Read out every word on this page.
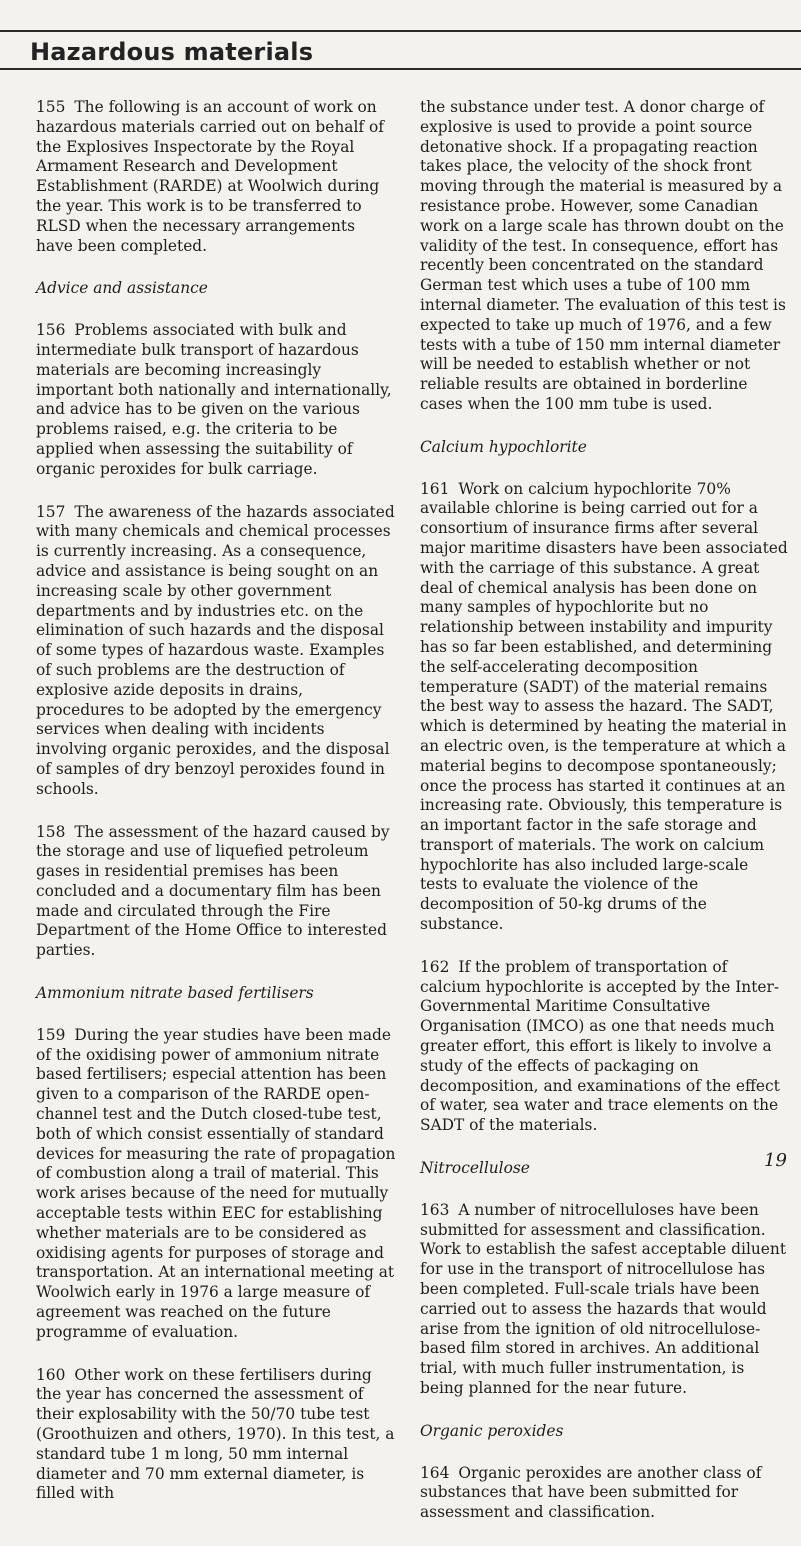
Hazardous materials

155 The following is an account of work on hazardous materials carried out on behalf of the Explosives Inspectorate by the Royal Armament Research and Development Establishment (RARDE) at Woolwich during the year. This work is to be transferred to RLSD when the necessary arrangements have been completed.

Advice and assistance

156 Problems associated with bulk and intermediate bulk transport of hazardous materials are becoming increasingly important both nationally and internationally, and advice has to be given on the various problems raised, e.g. the criteria to be applied when assessing the suitability of organic peroxides for bulk carriage.

157 The awareness of the hazards associated with many chemicals and chemical processes is currently increasing. As a consequence, advice and assistance is being sought on an increasing scale by other government departments and by industries etc. on the elimination of such hazards and the disposal of some types of hazardous waste. Examples of such problems are the destruction of explosive azide deposits in drains, procedures to be adopted by the emergency services when dealing with incidents involving organic peroxides, and the disposal of samples of dry benzoyl peroxides found in schools.

158 The assessment of the hazard caused by the storage and use of liquefied petroleum gases in residential premises has been concluded and a documentary film has been made and circulated through the Fire Department of the Home Office to interested parties.

Ammonium nitrate based fertilisers

159 During the year studies have been made of the oxidising power of ammonium nitrate based fertilisers; especial attention has been given to a comparison of the RARDE open-channel test and the Dutch closed-tube test, both of which consist essentially of standard devices for measuring the rate of propagation of combustion along a trail of material. This work arises because of the need for mutually acceptable tests within EEC for establishing whether materials are to be considered as oxidising agents for purposes of storage and transportation. At an international meeting at Woolwich early in 1976 a large measure of agreement was reached on the future programme of evaluation.

160 Other work on these fertilisers during the year has concerned the assessment of their explosability with the 50/70 tube test (Groothuizen and others, 1970). In this test, a standard tube 1 m long, 50 mm internal diameter and 70 mm external diameter, is filled with

the substance under test. A donor charge of explosive is used to provide a point source detonative shock. If a propagating reaction takes place, the velocity of the shock front moving through the material is measured by a resistance probe. However, some Canadian work on a large scale has thrown doubt on the validity of the test. In consequence, effort has recently been concentrated on the standard German test which uses a tube of 100 mm internal diameter. The evaluation of this test is expected to take up much of 1976, and a few tests with a tube of 150 mm internal diameter will be needed to establish whether or not reliable results are obtained in borderline cases when the 100 mm tube is used.

Calcium hypochlorite

161 Work on calcium hypochlorite 70% available chlorine is being carried out for a consortium of insurance firms after several major maritime disasters have been associated with the carriage of this substance. A great deal of chemical analysis has been done on many samples of hypochlorite but no relationship between instability and impurity has so far been established, and determining the self-accelerating decomposition temperature (SADT) of the material remains the best way to assess the hazard. The SADT, which is determined by heating the material in an electric oven, is the temperature at which a material begins to decompose spontaneously; once the process has started it continues at an increasing rate. Obviously, this temperature is an important factor in the safe storage and transport of materials. The work on calcium hypochlorite has also included large-scale tests to evaluate the violence of the decomposition of 50-kg drums of the substance.

162 If the problem of transportation of calcium hypochlorite is accepted by the Inter-Governmental Maritime Consultative Organisation (IMCO) as one that needs much greater effort, this effort is likely to involve a study of the effects of packaging on decomposition, and examinations of the effect of water, sea water and trace elements on the SADT of the materials.

Nitrocellulose

163 A number of nitrocelluloses have been submitted for assessment and classification. Work to establish the safest acceptable diluent for use in the transport of nitrocellulose has been completed. Full-scale trials have been carried out to assess the hazards that would arise from the ignition of old nitrocellulose-based film stored in archives. An additional trial, with much fuller instrumentation, is being planned for the near future.

Organic peroxides

164 Organic peroxides are another class of substances that have been submitted for assessment and classification.

19
